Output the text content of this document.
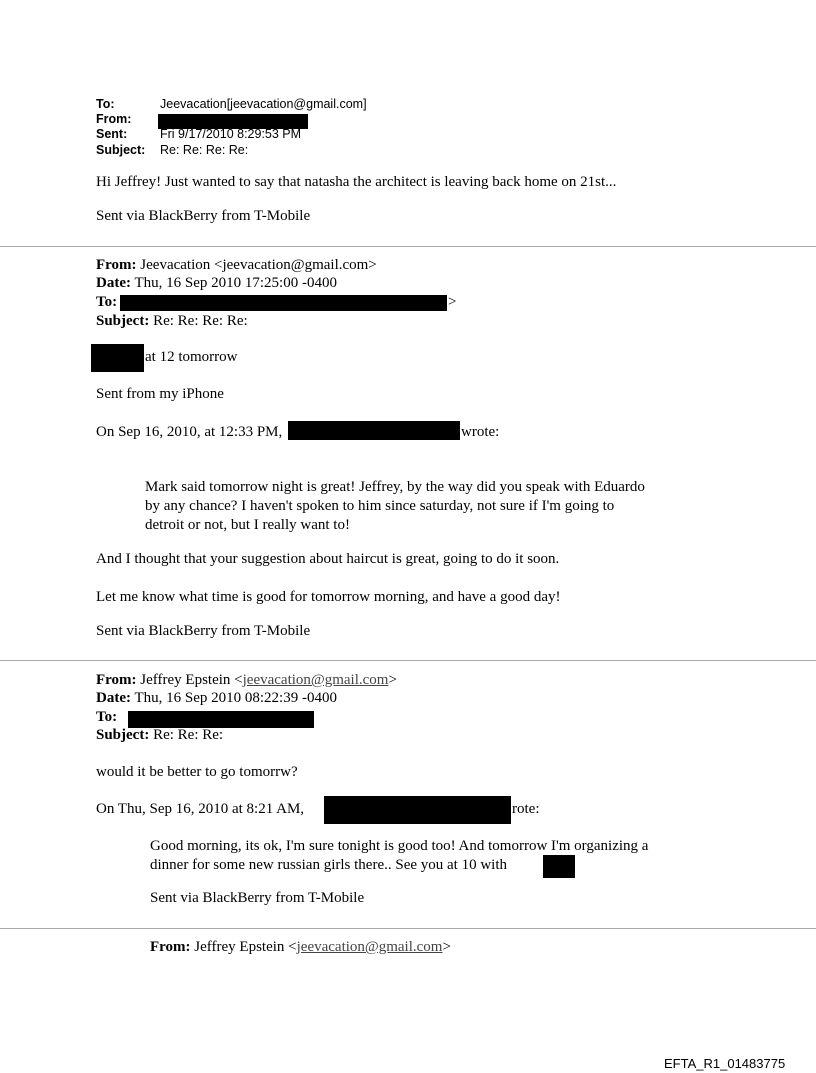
To:	Jeevacation[jeevacation@gmail.com]
From:
Sent:	Fri 9/17/2010 8:29:53 PM
Subject: Re: Re: Re: Re:
Hi Jeffrey! Just wanted to say that natasha the architect is leaving back home on 21st...
Sent via BlackBerry from T-Mobile
From: Jeevacation <jeevacation@gmail.com>
Date: Thu, 16 Sep 2010 17:25:00 -0400
To:	>
Subject: Re: Re: Re: Re:
at 12 tomorrow
Sent from my iPhone
On Sep 16, 2010, at 12:33 PM,	wrote:
Mark said tomorrow night is great! Jeffrey, by the way did you speak with Eduardo by any chance? I haven't spoken to him since saturday, not sure if I'm going to detroit or not, but I really want to!
And I thought that your suggestion about haircut is great, going to do it soon.
Let me know what time is good for tomorrow morning, and have a good day!
Sent via BlackBerry from T-Mobile
From: Jeffrey Epstein <jeevacation@gmail.com>
Date: Thu, 16 Sep 2010 08:22:39 -0400
To:
Subject: Re: Re: Re:
would it be better to go tomorrw?
On Thu, Sep 16, 2010 at 8:21 AM,	rote:
Good morning, its ok, I'm sure tonight is good too! And tomorrow I'm organizing a dinner for some new russian girls there.. See you at 10 with
Sent via BlackBerry from T-Mobile
From: Jeffrey Epstein <jeevacation@gmail.com>
EFTA_R1_01483775
